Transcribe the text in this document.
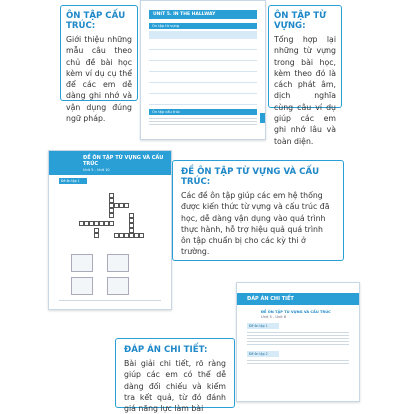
UNIT 5. IN THE HALLWAY
Ôn tập từ vựng

Ôn tập cấu trúc

ÔN TẬP CẤU TRÚC:

Giới thiệu những mẫu câu theo chủ đề bài học kèm ví dụ cụ thể để các em dễ dàng ghi nhớ và vận dụng đúng ngữ pháp.

ÔN TẬP TỪ VỰNG:

Tổng hợp lại những từ vựng trong bài học, kèm theo đó là cách phát âm, dịch nghĩa cùng câu ví dụ giúp các em ghi nhớ lâu và toàn diện.
ĐỀ ÔN TẬP TỪ VỰNG VÀ CẤU TRÚC
Unit 5 - Unit 10
Đề ôn tập 1

ĐỀ ÔN TẬP TỪ VỰNG VÀ CẤU TRÚC:

Các đề ôn tập giúp các em hệ thống được kiến thức từ vựng và cấu trúc đã học, dễ dàng vận dụng vào quá trình thực hành, hỗ trợ hiệu quả quá trình ôn tập chuẩn bị cho các kỳ thi ở trường.
ĐÁP ÁN CHI TIẾT
ĐỀ ÔN TẬP TỪ VỰNG VÀ CẤU TRÚC
Unit 5 - Unit 8
Đề ôn tập 1
Đề ôn tập 2

ĐÁP ÁN CHI TIẾT:

Bài giải chi tiết, rõ ràng giúp các em có thể dễ dàng đối chiếu và kiểm tra kết quả, từ đó đánh giá năng lực làm bài
